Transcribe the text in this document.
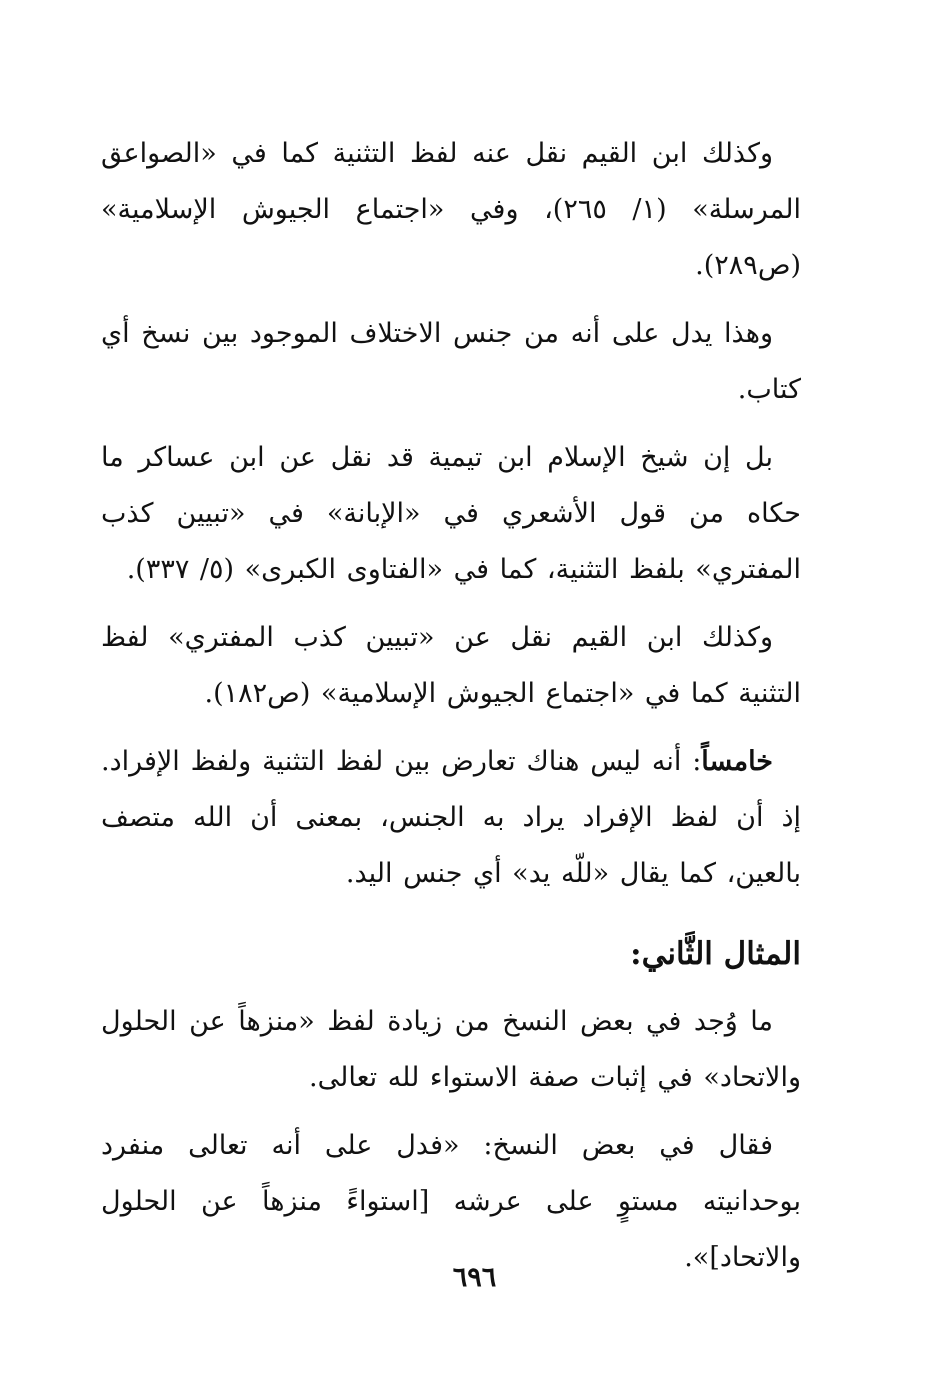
وكذلك ابن القيم نقل عنه لفظ التثنية كما في «الصواعق المرسلة» (١/ ٢٦٥)، وفي «اجتماع الجيوش الإسلامية» (ص٢٨٩).

وهذا يدل على أنه من جنس الاختلاف الموجود بين نسخ أي كتاب.

بل إن شيخ الإسلام ابن تيمية قد نقل عن ابن عساكر ما حكاه من قول الأشعري في «الإبانة» في «تبيين كذب المفتري» بلفظ التثنية، كما في «الفتاوى الكبرى» (٥/ ٣٣٧).

وكذلك ابن القيم نقل عن «تبيين كذب المفتري» لفظ التثنية كما في «اجتماع الجيوش الإسلامية» (ص١٨٢).

خامساً: أنه ليس هناك تعارض بين لفظ التثنية ولفظ الإفراد. إذ أن لفظ الإفراد يراد به الجنس، بمعنى أن الله متصف بالعين، كما يقال «للّه يد» أي جنس اليد.

المثال الثَّاني:

ما وُجد في بعض النسخ من زيادة لفظ «منزهاً عن الحلول والاتحاد» في إثبات صفة الاستواء لله تعالى.

فقال في بعض النسخ: «فدل على أنه تعالى منفرد بوحدانيته مستوٍ على عرشه [استواءً منزهاً عن الحلول والاتحاد]».

٦٩٦
